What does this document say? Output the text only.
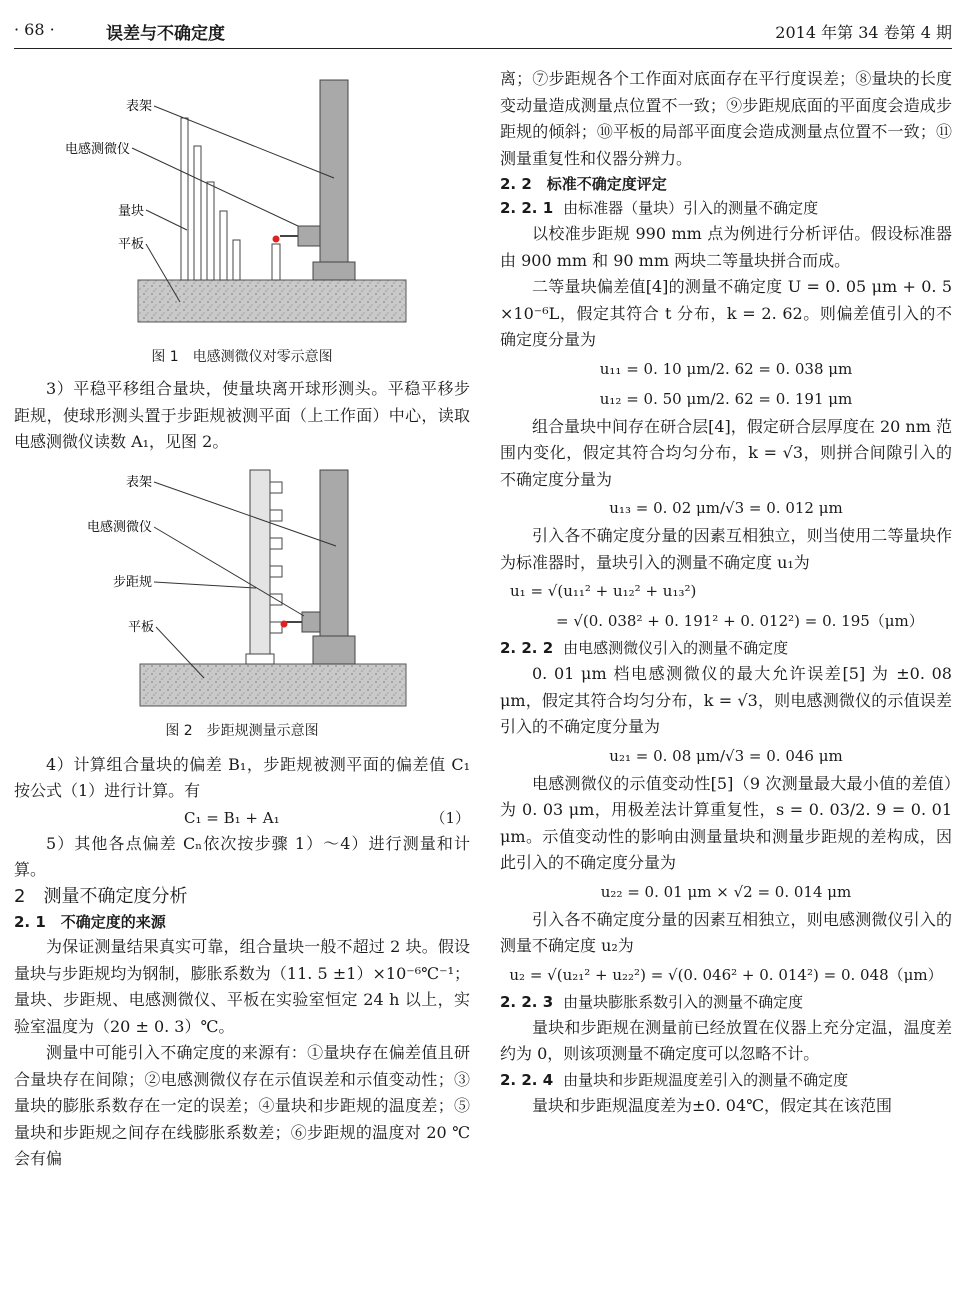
· 68 ·	误差与不确定度	2014 年第 34 卷第 4 期
表架
电感测微仪
量块
平板

图 1　电感测微仪对零示意图

3）平稳平移组合量块，使量块离开球形测头。平稳平移步距规，使球形测头置于步距规被测平面（上工作面）中心，读取电感测微仪读数 A₁，见图 2。

表架
电感测微仪
步距规
平板

图 2　步距规测量示意图

4）计算组合量块的偏差 B₁，步距规被测平面的偏差值 C₁按公式（1）进行计算。有

C₁ = B₁ + A₁	（1）

5）其他各点偏差 Cₙ依次按步骤 1）～4）进行测量和计算。

2　测量不确定度分析

2. 1　不确定度的来源

为保证测量结果真实可靠，组合量块一般不超过 2 块。假设量块与步距规均为钢制，膨胀系数为（11. 5 ±1）×10⁻⁶℃⁻¹；量块、步距规、电感测微仪、平板在实验室恒定 24 h 以上，实验室温度为（20 ± 0. 3）℃。

测量中可能引入不确定度的来源有：①量块存在偏差值且研合量块存在间隙；②电感测微仪存在示值误差和示值变动性；③量块的膨胀系数存在一定的误差；④量块和步距规的温度差；⑤量块和步距规之间存在线膨胀系数差；⑥步距规的温度对 20 ℃ 会有偏

离；⑦步距规各个工作面对底面存在平行度误差；⑧量块的长度变动量造成测量点位置不一致；⑨步距规底面的平面度会造成步距规的倾斜；⑩平板的局部平面度会造成测量点位置不一致；⑪测量重复性和仪器分辨力。

2. 2　标准不确定度评定

2. 2. 1 由标准器（量块）引入的测量不确定度

以校准步距规 990 mm 点为例进行分析评估。假设标准器由 900 mm 和 90 mm 两块二等量块拼合而成。

二等量块偏差值[4]的测量不确定度 U = 0. 05 μm + 0. 5 ×10⁻⁶L，假定其符合 t 分布，k = 2. 62。则偏差值引入的不确定度分量为

u₁₁ = 0. 10 μm/2. 62 = 0. 038 μm

u₁₂ = 0. 50 μm/2. 62 = 0. 191 μm

组合量块中间存在研合层[4]，假定研合层厚度在 20 nm 范围内变化，假定其符合均匀分布，k = √3，则拼合间隙引入的不确定度分量为

u₁₃ = 0. 02 μm/√3 = 0. 012 μm

引入各不确定度分量的因素互相独立，则当使用二等量块作为标准器时，量块引入的测量不确定度 u₁为

u₁ = √(u₁₁² + u₁₂² + u₁₃²)

= √(0. 038² + 0. 191² + 0. 012²) = 0. 195（μm）

2. 2. 2 由电感测微仪引入的测量不确定度

0. 01 μm 档电感测微仪的最大允许误差[5] 为 ±0. 08 μm，假定其符合均匀分布，k = √3，则电感测微仪的示值误差引入的不确定度分量为

u₂₁ = 0. 08 μm/√3 = 0. 046 μm

电感测微仪的示值变动性[5]（9 次测量最大最小值的差值）为 0. 03 μm，用极差法计算重复性，s = 0. 03/2. 9 = 0. 01 μm。示值变动性的影响由测量量块和测量步距规的差构成，因此引入的不确定度分量为

u₂₂ = 0. 01 μm × √2 = 0. 014 μm

引入各不确定度分量的因素互相独立，则电感测微仪引入的测量不确定度 u₂为

u₂ = √(u₂₁² + u₂₂²) = √(0. 046² + 0. 014²) = 0. 048（μm）

2. 2. 3 由量块膨胀系数引入的测量不确定度

量块和步距规在测量前已经放置在仪器上充分定温，温度差约为 0，则该项测量不确定度可以忽略不计。

2. 2. 4 由量块和步距规温度差引入的测量不确定度

量块和步距规温度差为±0. 04℃，假定其在该范围
